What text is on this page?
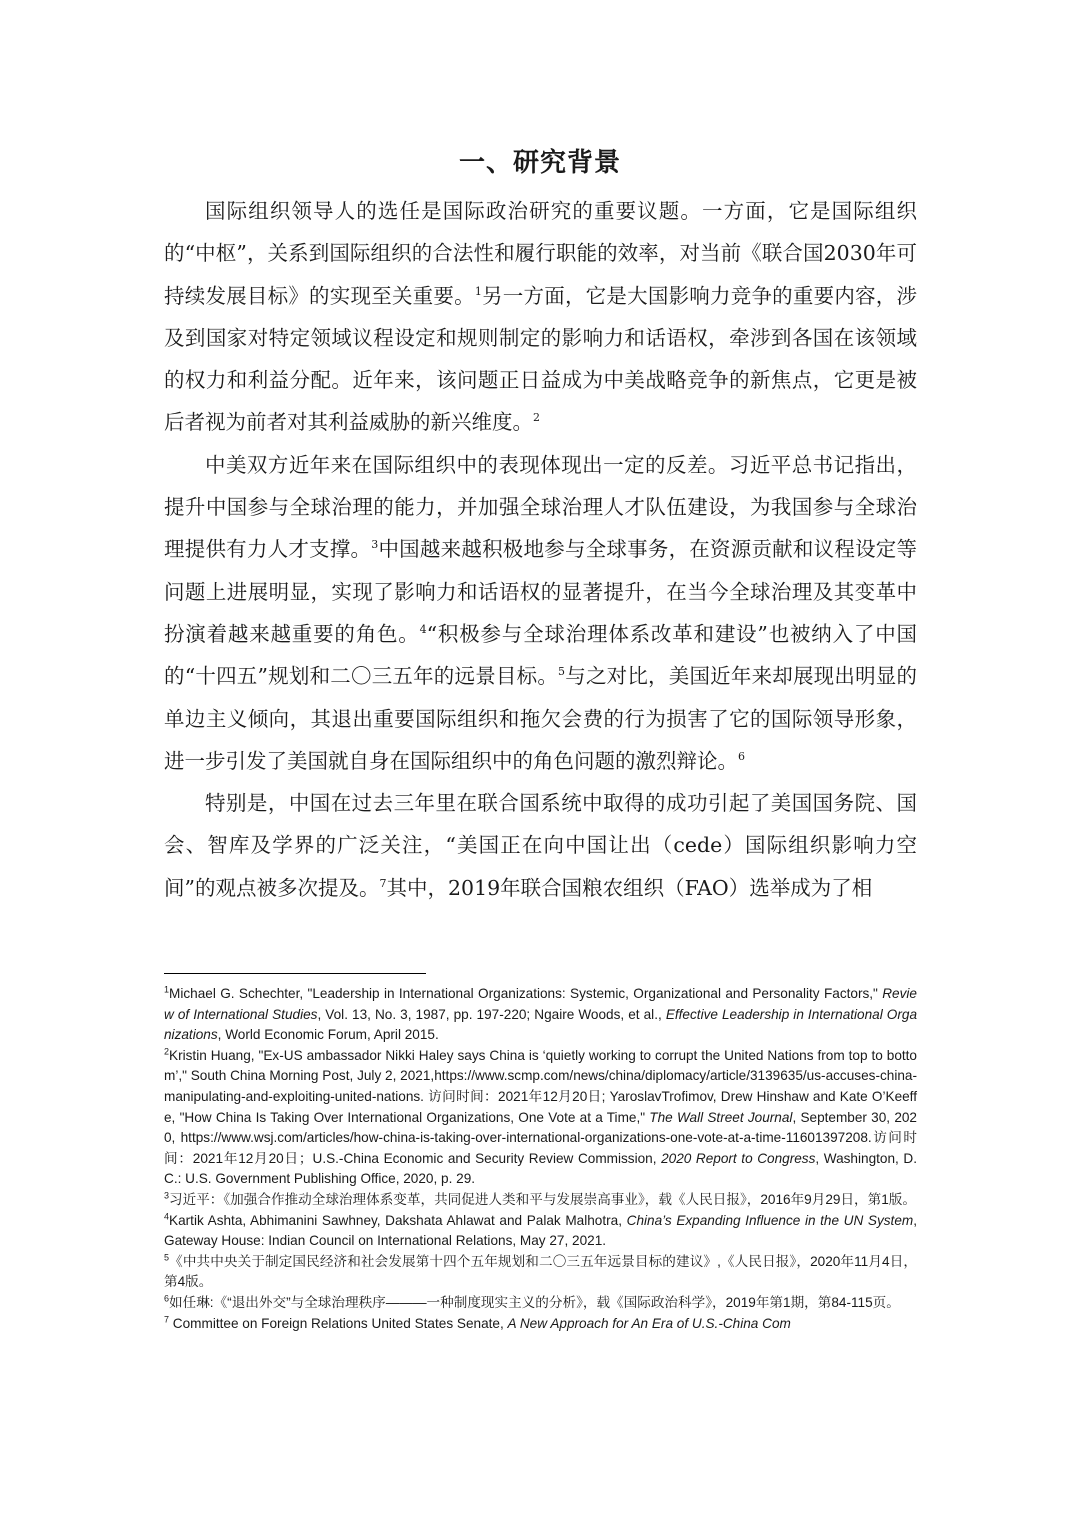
一、研究背景

国际组织领导人的选任是国际政治研究的重要议题。一方面，它是国际组织的“中枢”，关系到国际组织的合法性和履行职能的效率，对当前《联合国2030年可持续发展目标》的实现至关重要。$^1$另一方面，它是大国影响力竞争的重要内容，涉及到国家对特定领域议程设定和规则制定的影响力和话语权，牵涉到各国在该领域的权力和利益分配。近年来，该问题正日益成为中美战略竞争的新焦点，它更是被后者视为前者对其利益威胁的新兴维度。$^2$

中美双方近年来在国际组织中的表现体现出一定的反差。习近平总书记指出，提升中国参与全球治理的能力，并加强全球治理人才队伍建设，为我国参与全球治理提供有力人才支撑。$^3$中国越来越积极地参与全球事务，在资源贡献和议程设定等问题上进展明显，实现了影响力和话语权的显著提升，在当今全球治理及其变革中扮演着越来越重要的角色。$^4$“积极参与全球治理体系改革和建设”也被纳入了中国的“十四五”规划和二〇三五年的远景目标。$^5$与之对比，美国近年来却展现出明显的单边主义倾向，其退出重要国际组织和拖欠会费的行为损害了它的国际领导形象，进一步引发了美国就自身在国际组织中的角色问题的激烈辩论。$^6$

特别是，中国在过去三年里在联合国系统中取得的成功引起了美国国务院、国会、智库及学界的广泛关注，“美国正在向中国让出（cede）国际组织影响力空间”的观点被多次提及。$^7$其中，2019年联合国粮农组织（FAO）选举成为了相

$^1$Michael G. Schechter, "Leadership in International Organizations: Systemic, Organizational and Personality Factors," Review of International Studies, Vol. 13, No. 3, 1987, pp. 197-220; Ngaire Woods, et al., Effective Leadership in International Organizations, World Economic Forum, April 2015.

$^2$Kristin Huang, "Ex-US ambassador Nikki Haley says China is ‘quietly working to corrupt the United Nations from top to bottom’," South China Morning Post, July 2, 2021,https://www.scmp.com/news/china/diplomacy/article/3139635/us-accuses-china-manipulating-and-exploiting-united-nations. 访问时间：2021年12月20日; YaroslavTrofimov, Drew Hinshaw and Kate O’Keeffe, "How China Is Taking Over International Organizations, One Vote at a Time," The Wall Street Journal, September 30, 2020, https://www.wsj.com/articles/how-china-is-taking-over-international-organizations-one-vote-at-a-time-11601397208.访问时间：2021年12月20日；U.S.-China Economic and Security Review Commission, 2020 Report to Congress, Washington, D.C.: U.S. Government Publishing Office, 2020, p. 29.

$^3$习近平：《加强合作推动全球治理体系变革，共同促进人类和平与发展崇高事业》，载《人民日报》，2016年9月29日，第1版。

$^4$Kartik Ashta, Abhimanini Sawhney, Dakshata Ahlawat and Palak Malhotra, China’s Expanding Influence in the UN System, Gateway House: Indian Council on International Relations, May 27, 2021.

$^5$《中共中央关于制定国民经济和社会发展第十四个五年规划和二〇三五年远景目标的建议》,《人民日报》，2020年11月4日，第4版。

$^6$如任琳:《“退出外交”与全球治理秩序———一种制度现实主义的分析》，载《国际政治科学》，2019年第1期，第84-115页。

$^7$ Committee on Foreign Relations United States Senate, A New Approach for An Era of U.S.-China Com
